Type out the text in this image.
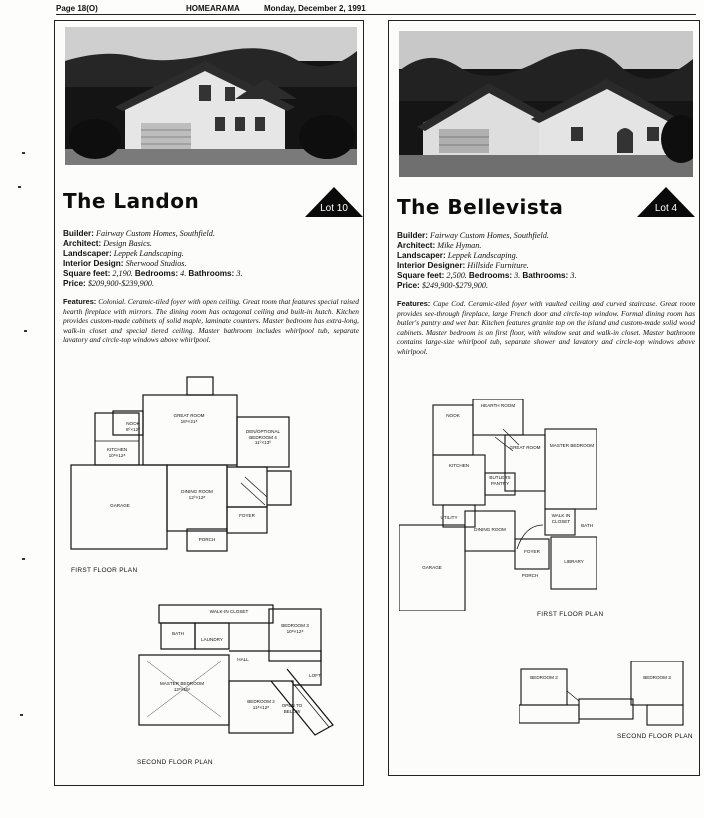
Page 18(O)	HOMEARAMA	Monday, December 2, 1991
The Landon	Lot 10
Builder: Fairway Custom Homes, Southfield.
Architect: Design Basics.
Landscaper: Leppek Landscaping.
Interior Design: Sherwood Studios.
Square feet: 2,190. Bedrooms: 4. Bathrooms: 3.
Price: $209,900-$239,900.
Features: Colonial. Ceramic-tiled foyer with open ceiling. Great room that features special raised hearth fireplace with mirrors. The dining room has octagonal ceiling and built-in hutch. Kitchen provides custom-made cabinets of solid maple, laminate counters. Master bedroom has extra-long, walk-in closet and special tiered ceiling. Master bathroom includes whirlpool tub, separate lavatory and circle-top windows above whirlpool.
NOOK
8⁰×12⁰
GREAT ROOM
18⁸×21⁸
DEN/OPTIONAL BEDROOM 4
11⁰×13⁰
KITCHEN
10⁸×12⁸
GARAGE
DINING ROOM
12⁰×12⁸
FOYER
PORCH
FIRST FLOOR PLAN
WALK-IN CLOSET
BATH
LAUNDRY
BEDROOM 3
10⁸×12⁸
HALL
MASTER BEDROOM
12⁸×15¹
BEDROOM 2
11⁸×12⁸
LOFT
OPEN TO BELOW
SECOND FLOOR PLAN
The Bellevista	Lot 4
Builder: Fairway Custom Homes, Southfield.
Architect: Mike Hyman.
Landscaper: Leppek Landscaping.
Interior Designer: Hillside Furniture.
Square feet: 2,500. Bedrooms: 3. Bathrooms: 3.
Price: $249,900-$279,900.
Features: Cape Cod. Ceramic-tiled foyer with vaulted ceiling and curved staircase. Great room provides see-through fireplace, large French door and circle-top window. Formal dining room has butler's pantry and wet bar. Kitchen features granite top on the island and custom-made solid wood cabinets. Master bedroom is on first floor, with window seat and walk-in closet. Master bathroom contains large-size whirlpool tub, separate shower and lavatory and circle-top windows above whirlpool.
HEARTH ROOM
NOOK
GREAT ROOM	MASTER BEDROOM
KITCHEN
BUTLERS PANTRY
WALK IN CLOSET
BATH
DINING ROOM
LIBRARY
FOYER
PORCH
GARAGE
UTILITY
FIRST FLOOR PLAN
BEDROOM 2	BEDROOM 3
SECOND FLOOR PLAN
